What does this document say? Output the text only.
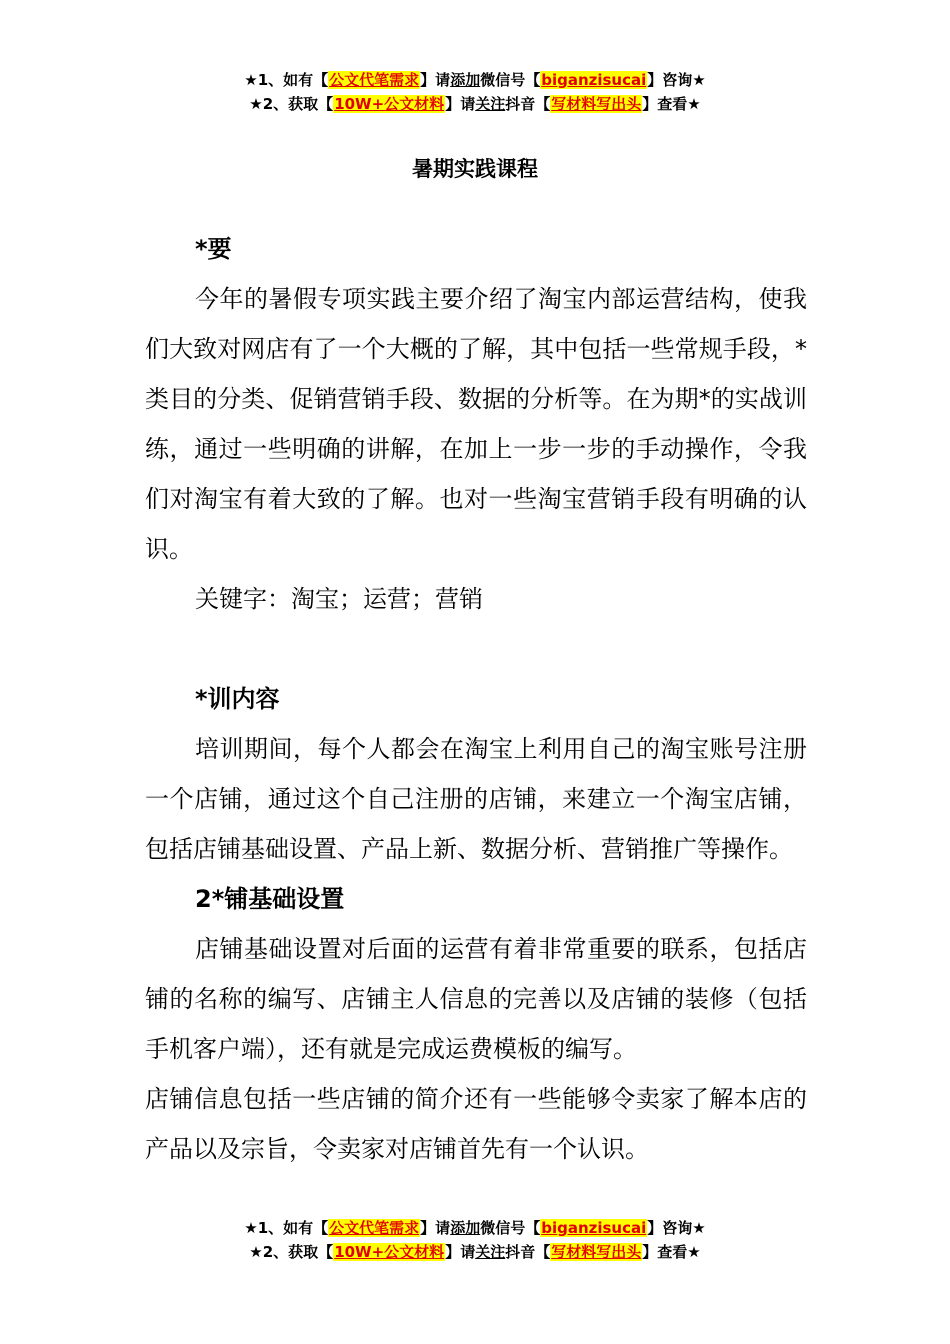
★1、如有【公文代笔需求】请添加微信号【biganzisucai】咨询★
★2、获取【10W+公文材料】请关注抖音【写材料写出头】查看★
暑期实践课程
*要

今年的暑假专项实践主要介绍了淘宝内部运营结构，使我们大致对网店有了一个大概的了解，其中包括一些常规手段，*类目的分类、促销营销手段、数据的分析等。在为期*的实战训练，通过一些明确的讲解，在加上一步一步的手动操作，令我们对淘宝有着大致的了解。也对一些淘宝营销手段有明确的认识。

关键字：淘宝；运营；营销

*训内容

培训期间，每个人都会在淘宝上利用自己的淘宝账号注册一个店铺，通过这个自己注册的店铺，来建立一个淘宝店铺，包括店铺基础设置、产品上新、数据分析、营销推广等操作。

2*铺基础设置

店铺基础设置对后面的运营有着非常重要的联系，包括店铺的名称的编写、店铺主人信息的完善以及店铺的装修（包括手机客户端），还有就是完成运费模板的编写。

店铺信息包括一些店铺的简介还有一些能够令卖家了解本店的产品以及宗旨，令卖家对店铺首先有一个认识。

★1、如有【公文代笔需求】请添加微信号【biganzisucai】咨询★
★2、获取【10W+公文材料】请关注抖音【写材料写出头】查看★
